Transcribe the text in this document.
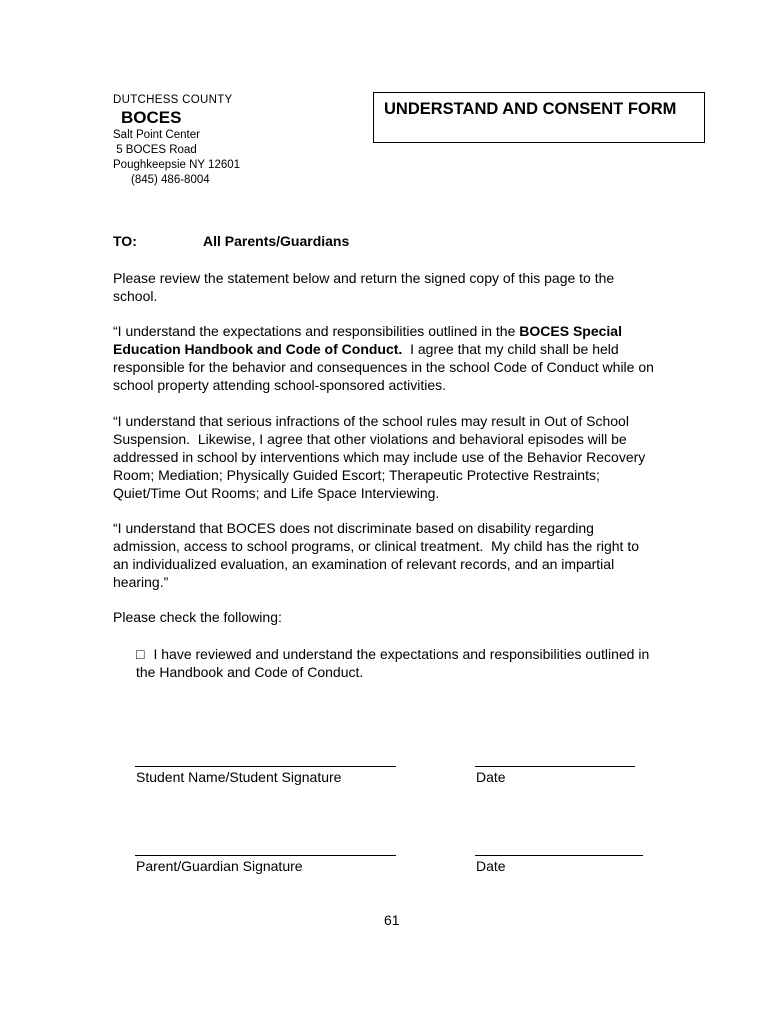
DUTCHESS COUNTY
BOCES
Salt Point Center
5 BOCES Road
Poughkeepsie NY 12601
(845) 486-8004
UNDERSTAND AND CONSENT FORM
TO:	All Parents/Guardians
Please review the statement below and return the signed copy of this page to the school.
“I understand the expectations and responsibilities outlined in the BOCES Special Education Handbook and Code of Conduct.  I agree that my child shall be held responsible for the behavior and consequences in the school Code of Conduct while on school property attending school-sponsored activities.
“I understand that serious infractions of the school rules may result in Out of School Suspension.  Likewise, I agree that other violations and behavioral episodes will be addressed in school by interventions which may include use of the Behavior Recovery Room; Mediation; Physically Guided Escort; Therapeutic Protective Restraints; Quiet/Time Out Rooms; and Life Space Interviewing.
“I understand that BOCES does not discriminate based on disability regarding admission, access to school programs, or clinical treatment.  My child has the right to an individualized evaluation, an examination of relevant records, and an impartial hearing.”
Please check the following:
□ I have reviewed and understand the expectations and responsibilities outlined in the Handbook and Code of Conduct.
Student Name/Student Signature	Date
Parent/Guardian Signature	Date
61
